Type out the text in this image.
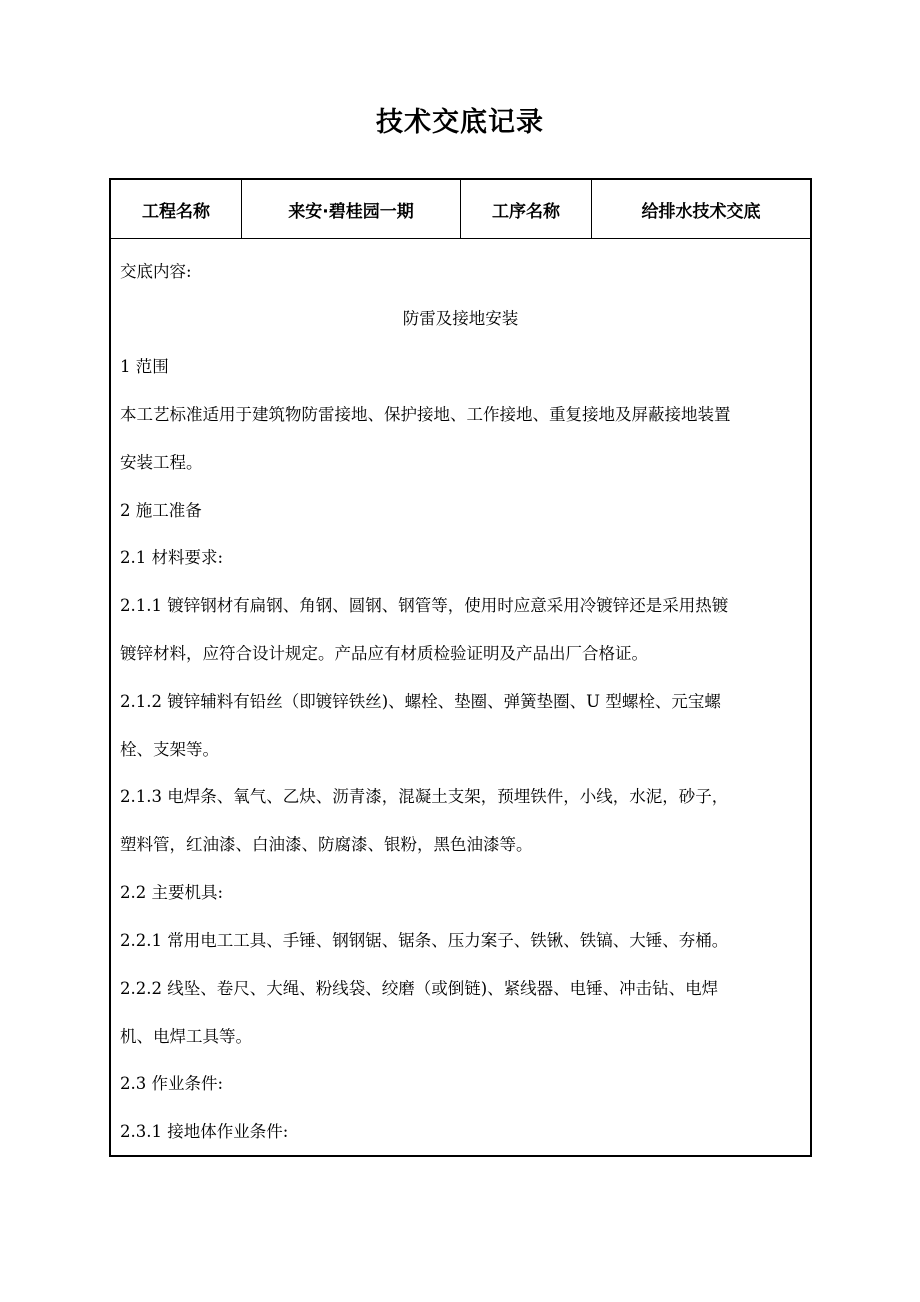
技术交底记录
工程名称	来安·碧桂园一期	工序名称	给排水技术交底
交底内容:
防雷及接地安装
1 范围
本工艺标准适用于建筑物防雷接地、保护接地、工作接地、重复接地及屏蔽接地装置
安装工程。
2 施工准备
2.1 材料要求:
2.1.1 镀锌钢材有扁钢、角钢、圆钢、钢管等，使用时应意采用冷镀锌还是采用热镀
镀锌材料，应符合设计规定。产品应有材质检验证明及产品出厂合格证。
2.1.2 镀锌辅料有铅丝（即镀锌铁丝)、螺栓、垫圈、弹簧垫圈、U 型螺栓、元宝螺
栓、支架等。
2.1.3 电焊条、氧气、乙炔、沥青漆，混凝土支架，预埋铁件，小线，水泥，砂子，
塑料管，红油漆、白油漆、防腐漆、银粉，黑色油漆等。
2.2 主要机具:
2.2.1 常用电工工具、手锤、钢钢锯、锯条、压力案子、铁锹、铁镐、大锤、夯桶。
2.2.2 线坠、卷尺、大绳、粉线袋、绞磨（或倒链)、紧线器、电锤、冲击钻、电焊
机、电焊工具等。
2.3 作业条件:
2.3.1 接地体作业条件:
